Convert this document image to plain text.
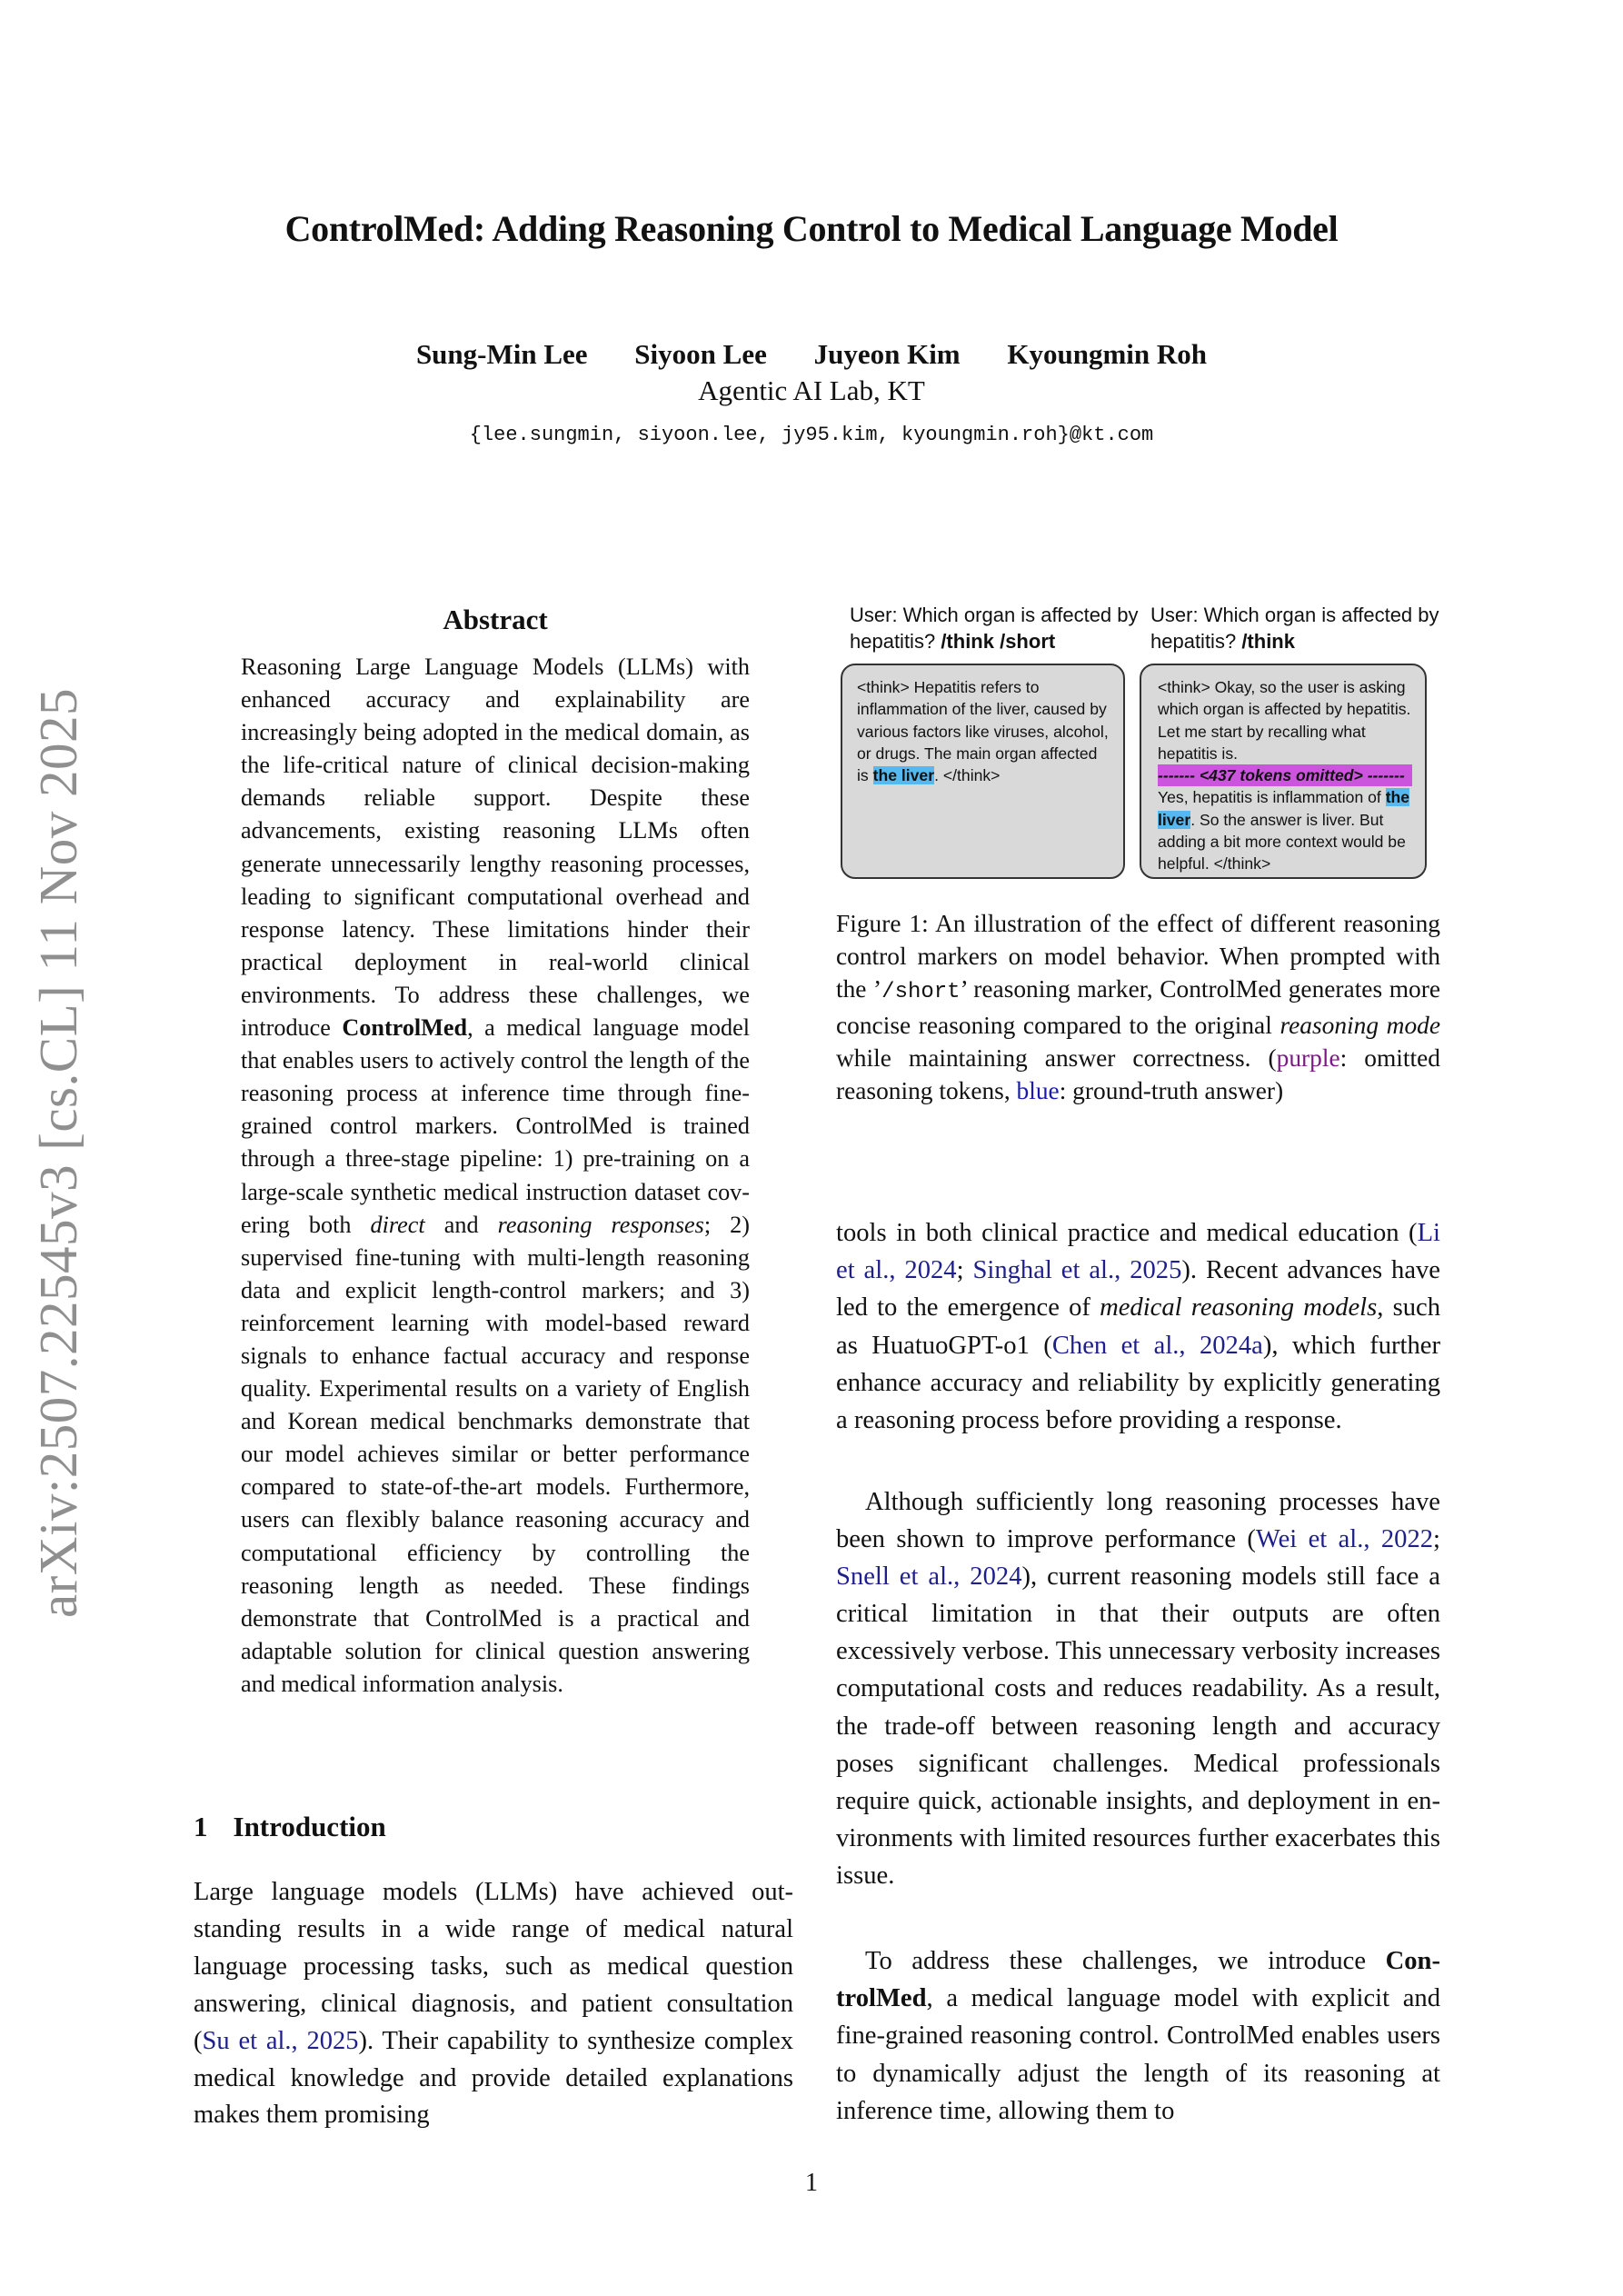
arXiv:2507.22545v3 [cs.CL] 11 Nov 2025
ControlMed: Adding Reasoning Control to Medical Language Model
Sung-Min Lee Siyoon Lee Juyeon Kim Kyoungmin Roh
Agentic AI Lab, KT
{lee.sungmin, siyoon.lee, jy95.kim, kyoungmin.roh}@kt.com
Abstract
Reasoning Large Language Models (LLMs) with enhanced accuracy and explainability are increasingly being adopted in the medical domain, as the life-critical nature of clinical decision-making demands reliable support. Despite these advancements, existing reasoning LLMs often generate unnecessarily lengthy reasoning processes, leading to significant computational overhead and response latency. These limitations hinder their practical deployment in real-world clinical environments. To address these challenges, we introduce ControlMed, a medical language model that enables users to actively control the length of the reasoning process at inference time through fine-grained control markers. ControlMed is trained through a three-stage pipeline: 1) pre-training on a large-scale synthetic medical instruction dataset covering both direct and reasoning responses; 2) supervised fine-tuning with multi-length reasoning data and explicit length-control markers; and 3) reinforcement learning with model-based reward signals to enhance factual accuracy and response quality. Experimental results on a variety of English and Korean medical benchmarks demonstrate that our model achieves similar or better performance compared to state-of-the-art models. Furthermore, users can flexibly balance reasoning accuracy and computational efficiency by controlling the reasoning length as needed. These findings demonstrate that ControlMed is a practical and adaptable solution for clinical question answering and medical information analysis.
User: Which organ is affected by hepatitis? /think /short
User: Which organ is affected by hepatitis? /think
<think> Hepatitis refers to inflammation of the liver, caused by various factors like viruses, alcohol, or drugs. The main organ affected is the liver. </think>
<think> Okay, so the user is asking which organ is affected by hepatitis. Let me start by recalling what hepatitis is.
------- <437 tokens omitted> -------
Yes, hepatitis is inflammation of the liver. So the answer is liver. But adding a bit more context would be helpful. </think>
Figure 1: An illustration of the effect of different reasoning control markers on model behavior. When prompted with the ’/short’ reasoning marker, ControlMed generates more concise reasoning compared to the original reasoning mode while maintaining answer correctness. (purple: omitted reasoning tokens, blue: ground-truth answer)
1 Introduction
Large language models (LLMs) have achieved outstanding results in a wide range of medical natural language processing tasks, such as medical question answering, clinical diagnosis, and patient consultation (Su et al., 2025). Their capability to synthesize complex medical knowledge and provide detailed explanations makes them promising
tools in both clinical practice and medical education (Li et al., 2024; Singhal et al., 2025). Recent advances have led to the emergence of medical reasoning models, such as HuatuoGPT-o1 (Chen et al., 2024a), which further enhance accuracy and reliability by explicitly generating a reasoning process before providing a response.
Although sufficiently long reasoning processes have been shown to improve performance (Wei et al., 2022; Snell et al., 2024), current reasoning models still face a critical limitation in that their outputs are often excessively verbose. This unnecessary verbosity increases computational costs and reduces readability. As a result, the trade-off between reasoning length and accuracy poses significant challenges. Medical professionals require quick, actionable insights, and deployment in environments with limited resources further exacerbates this issue.
To address these challenges, we introduce ControlMed, a medical language model with explicit and fine-grained reasoning control. ControlMed enables users to dynamically adjust the length of its reasoning at inference time, allowing them to
1
